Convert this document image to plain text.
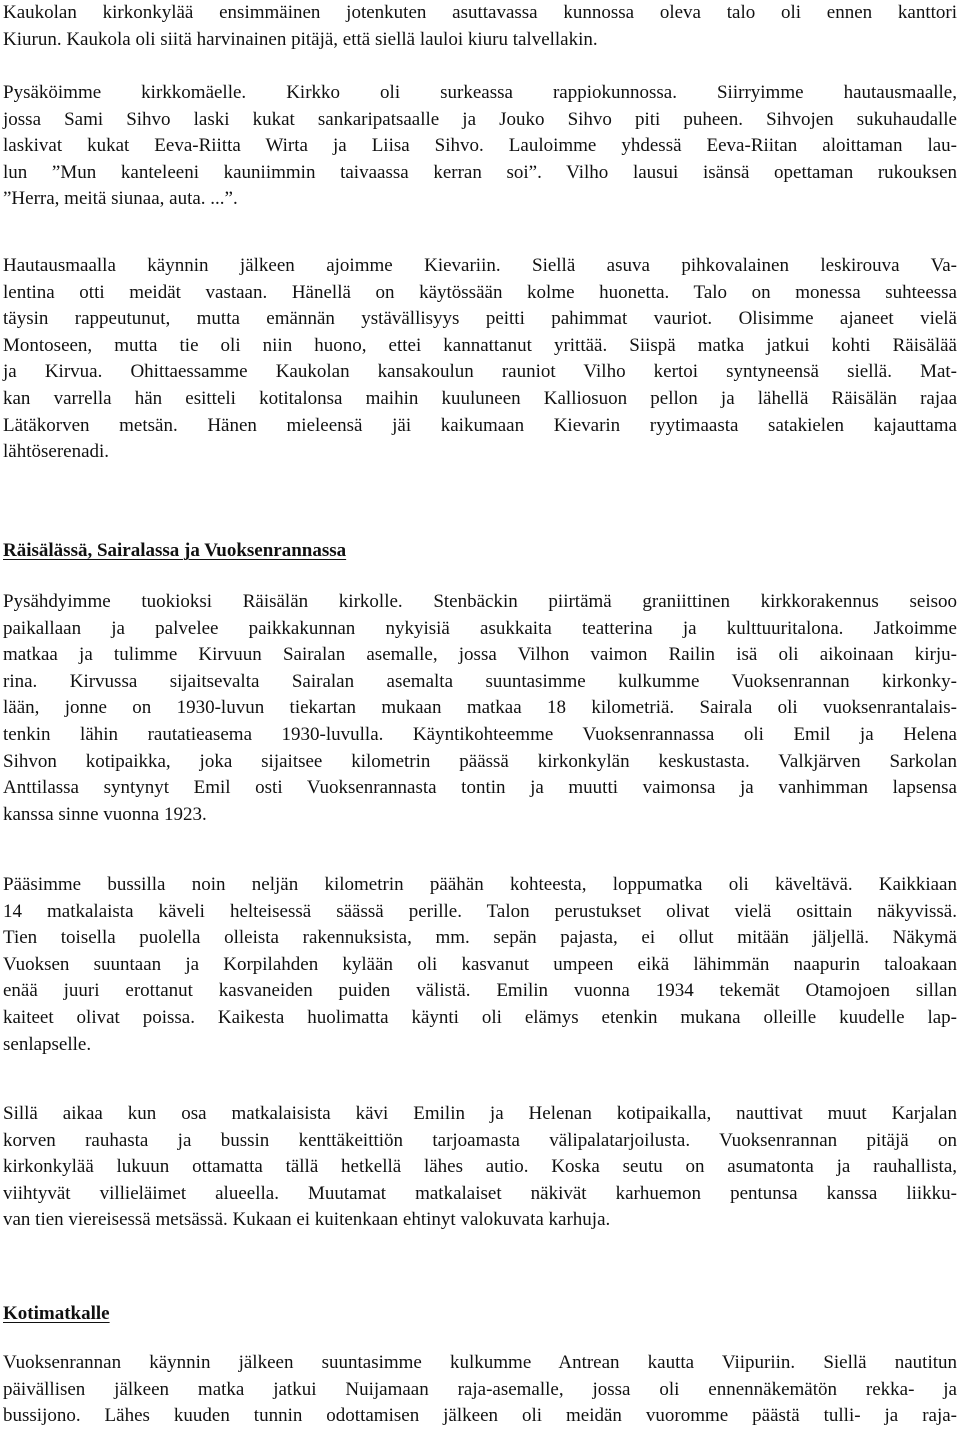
Kaukolan kirkonkylää ensimmäinen jotenkuten asuttavassa kunnossa oleva talo oli ennen kanttori
Kiurun. Kaukola oli siitä harvinainen pitäjä, että siellä lauloi kiuru talvellakin.
Pysäköimme kirkkomäelle. Kirkko oli surkeassa rappiokunnossa. Siirryimme hautausmaalle,
jossa Sami Sihvo laski kukat sankaripatsaalle ja Jouko Sihvo piti puheen. Sihvojen sukuhaudalle
laskivat kukat Eeva-Riitta Wirta ja Liisa Sihvo. Lauloimme yhdessä Eeva-Riitan aloittaman lau-
lun ”Mun kanteleeni kauniimmin taivaassa kerran soi”. Vilho lausui isänsä opettaman rukouksen
”Herra, meitä siunaa, auta. ...”.
Hautausmaalla käynnin jälkeen ajoimme Kievariin. Siellä asuva pihkovalainen leskirouva Va-
lentina otti meidät vastaan. Hänellä on käytössään kolme huonetta. Talo on monessa suhteessa
täysin rappeutunut, mutta emännän ystävällisyys peitti pahimmat vauriot. Olisimme ajaneet vielä
Montoseen, mutta tie oli niin huono, ettei kannattanut yrittää. Siispä matka jatkui kohti Räisälää
ja Kirvua. Ohittaessamme Kaukolan kansakoulun rauniot Vilho kertoi syntyneensä siellä. Mat-
kan varrella hän esitteli kotitalonsa maihin kuuluneen Kalliosuon pellon ja lähellä Räisälän rajaa
Lätäkorven metsän. Hänen mieleensä jäi kaikumaan Kievarin ryytimaasta satakielen kajauttama
lähtöserenadi.
Räisälässä, Sairalassa ja Vuoksenrannassa
Pysähdyimme tuokioksi Räisälän kirkolle. Stenbäckin piirtämä graniittinen kirkkorakennus seisoo
paikallaan ja palvelee paikkakunnan nykyisiä asukkaita teatterina ja kulttuuritalona. Jatkoimme
matkaa ja tulimme Kirvuun Sairalan asemalle, jossa Vilhon vaimon Railin isä oli aikoinaan kirju-
rina. Kirvussa sijaitsevalta Sairalan asemalta suuntasimme kulkumme Vuoksenrannan kirkonky-
lään, jonne on 1930-luvun tiekartan mukaan matkaa 18 kilometriä. Sairala oli vuoksenrantalais-
tenkin lähin rautatieasema 1930-luvulla. Käyntikohteemme Vuoksenrannassa oli Emil ja Helena
Sihvon kotipaikka, joka sijaitsee kilometrin päässä kirkonkylän keskustasta. Valkjärven Sarkolan
Anttilassa syntynyt Emil osti Vuoksenrannasta tontin ja muutti vaimonsa ja vanhimman lapsensa
kanssa sinne vuonna 1923.
Pääsimme bussilla noin neljän kilometrin päähän kohteesta, loppumatka oli käveltävä. Kaikkiaan
14 matkalaista käveli helteisessä säässä perille. Talon perustukset olivat vielä osittain näkyvissä.
Tien toisella puolella olleista rakennuksista, mm. sepän pajasta, ei ollut mitään jäljellä. Näkymä
Vuoksen suuntaan ja Korpilahden kylään oli kasvanut umpeen eikä lähimmän naapurin taloakaan
enää juuri erottanut kasvaneiden puiden välistä. Emilin vuonna 1934 tekemät Otamojoen sillan
kaiteet olivat poissa. Kaikesta huolimatta käynti oli elämys etenkin mukana olleille kuudelle lap-
senlapselle.
Sillä aikaa kun osa matkalaisista kävi Emilin ja Helenan kotipaikalla, nauttivat muut Karjalan
korven rauhasta ja bussin kenttäkeittiön tarjoamasta välipalatarjoilusta. Vuoksenrannan pitäjä on
kirkonkylää lukuun ottamatta tällä hetkellä lähes autio. Koska seutu on asumatonta ja rauhallista,
viihtyvät villieläimet alueella. Muutamat matkalaiset näkivät karhuemon pentunsa kanssa liikku-
van tien viereisessä metsässä. Kukaan ei kuitenkaan ehtinyt valokuvata karhuja.
Kotimatkalle
Vuoksenrannan käynnin jälkeen suuntasimme kulkumme Antrean kautta Viipuriin. Siellä nautitun
päivällisen jälkeen matka jatkui Nuijamaan raja-asemalle, jossa oli ennennäkemätön rekka- ja
bussijono. Lähes kuuden tunnin odottamisen jälkeen oli meidän vuoromme päästä tulli- ja raja-
